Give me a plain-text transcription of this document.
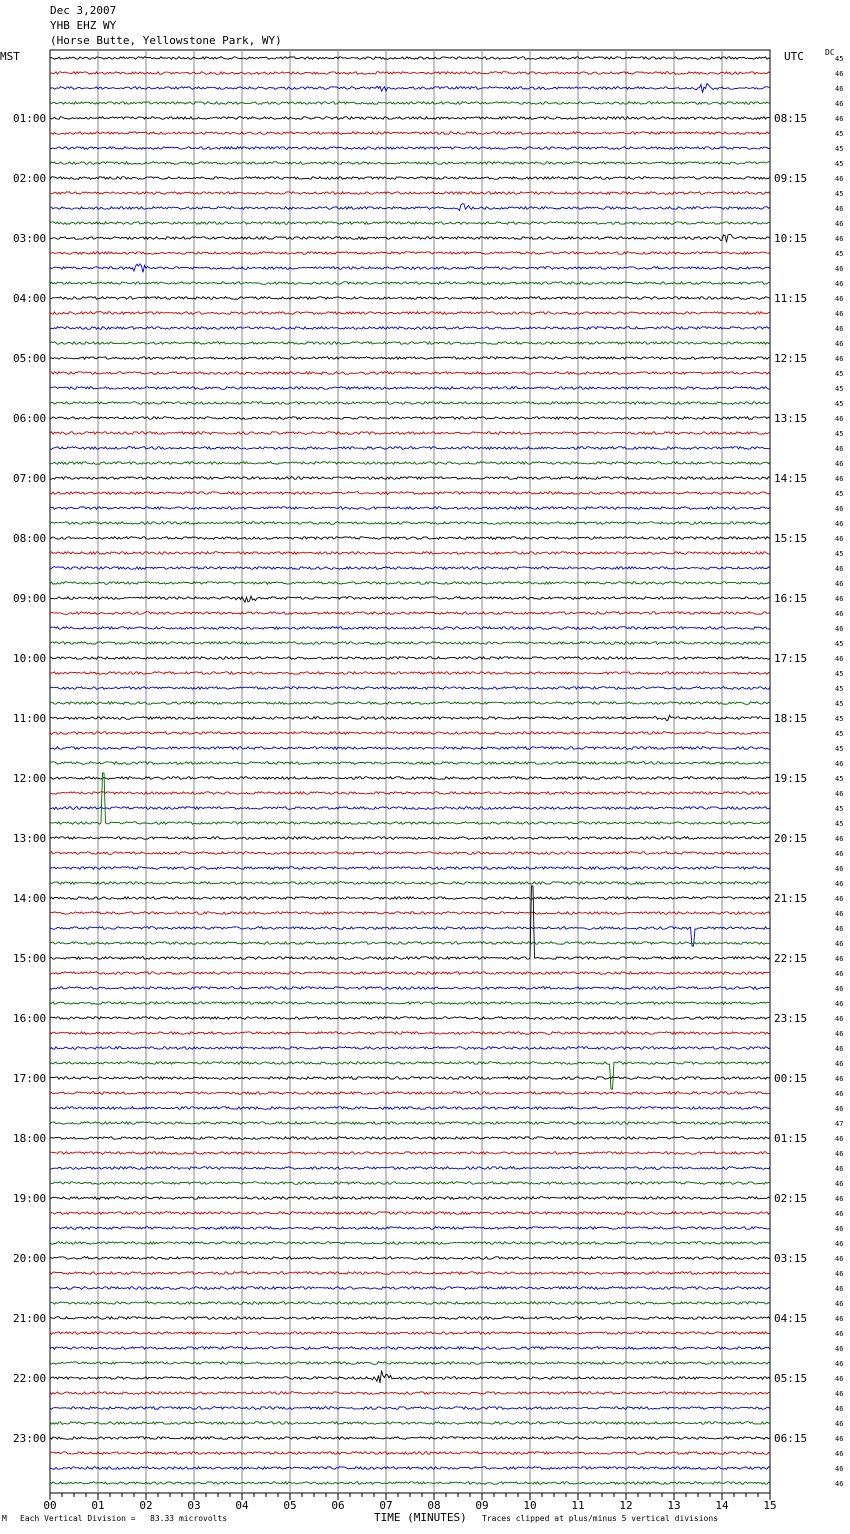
Dec 3,2007
YHB EHZ WY
(Horse Butte, Yellowstone Park, WY)
MST	UTC	DC
00	01	02	03	04	05	06	07	08	09	10	11	12	13	14	15
45
46
46
46
46
45
45
45
46
45
46
46
46
45
46
46
46
46
46
46
46
45
45
45
46
45
46
46
46
45
46
46
46
45
46
46
46
46
46
45
46
45
45
45
45
45
45
46
45
46
45
45
46
46
46
46
46
46
46
46
46
46
46
46
46
46
46
46
46
46
46
47
46
46
46
46
46
46
46
46
46
46
46
46
46
46
46
46
46
46
46
46
46
46
46
46
01:00	08:15
02:00	09:15
03:00	10:15
04:00	11:15
05:00	12:15
06:00	13:15
07:00	14:15
08:00	15:15
09:00	16:15
10:00	17:15
11:00	18:15
12:00	19:15
13:00	20:15
14:00	21:15
15:00	22:15
16:00	23:15
17:00	00:15
18:00	01:15
19:00	02:15
20:00	03:15
21:00	04:15
22:00	05:15
23:00	06:15
TIME (MINUTES)
M Each Vertical Division =   83.33 microvolts	Traces clipped at plus/minus 5 vertical divisions
